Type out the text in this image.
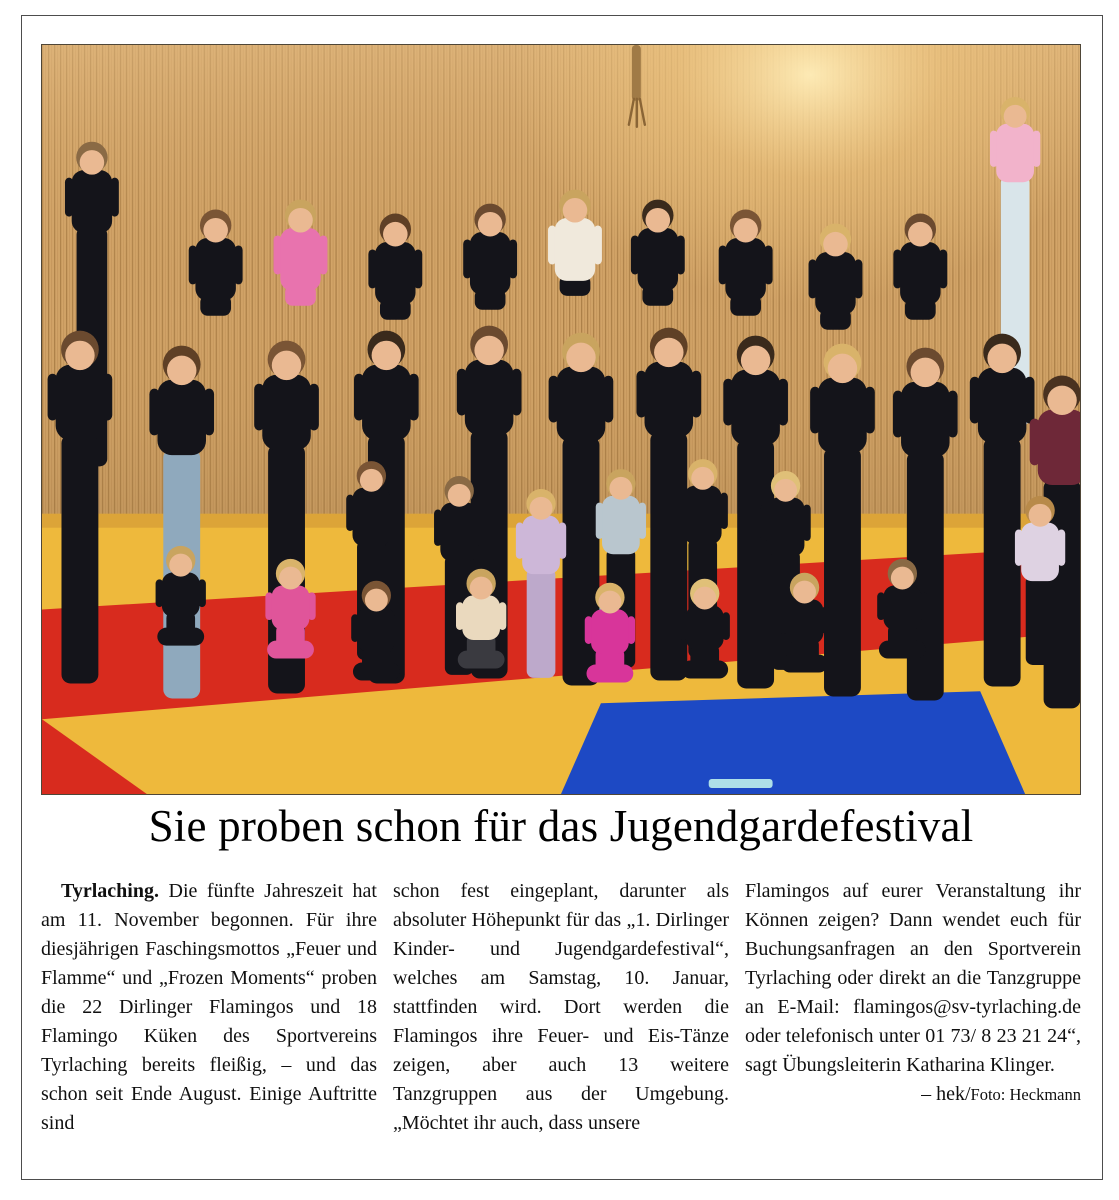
Sie proben schon für das Jugendgardefestival

Tyrlaching. Die fünfte Jahreszeit hat am 11. November begonnen. Für ihre diesjährigen Faschingsmottos „Feuer und Flamme“ und „Frozen Moments“ proben die 22 Dirlinger Flamingos und 18 Flamingo Küken des Sportvereins Tyrlaching bereits fleißig, – und das schon seit Ende August. Einige Auftritte sind

schon fest eingeplant, darunter als absoluter Höhepunkt für das „1. Dirlinger Kinder- und Jugendgardefestival“, welches am Samstag, 10. Januar, stattfinden wird. Dort werden die Flamingos ihre Feuer- und Eis-Tänze zeigen, aber auch 13 weitere Tanzgruppen aus der Umgebung. „Möchtet ihr auch, dass unsere

Flamingos auf eurer Veranstaltung ihr Können zeigen? Dann wendet euch für Buchungsanfragen an den Sportverein Tyrlaching oder direkt an die Tanzgruppe an E-Mail: flamingos@sv-tyrlaching.de oder telefonisch unter 01 73/ 8 23 21 24“, sagt Übungsleiterin Katharina Klinger.
– hek/Foto: Heckmann
